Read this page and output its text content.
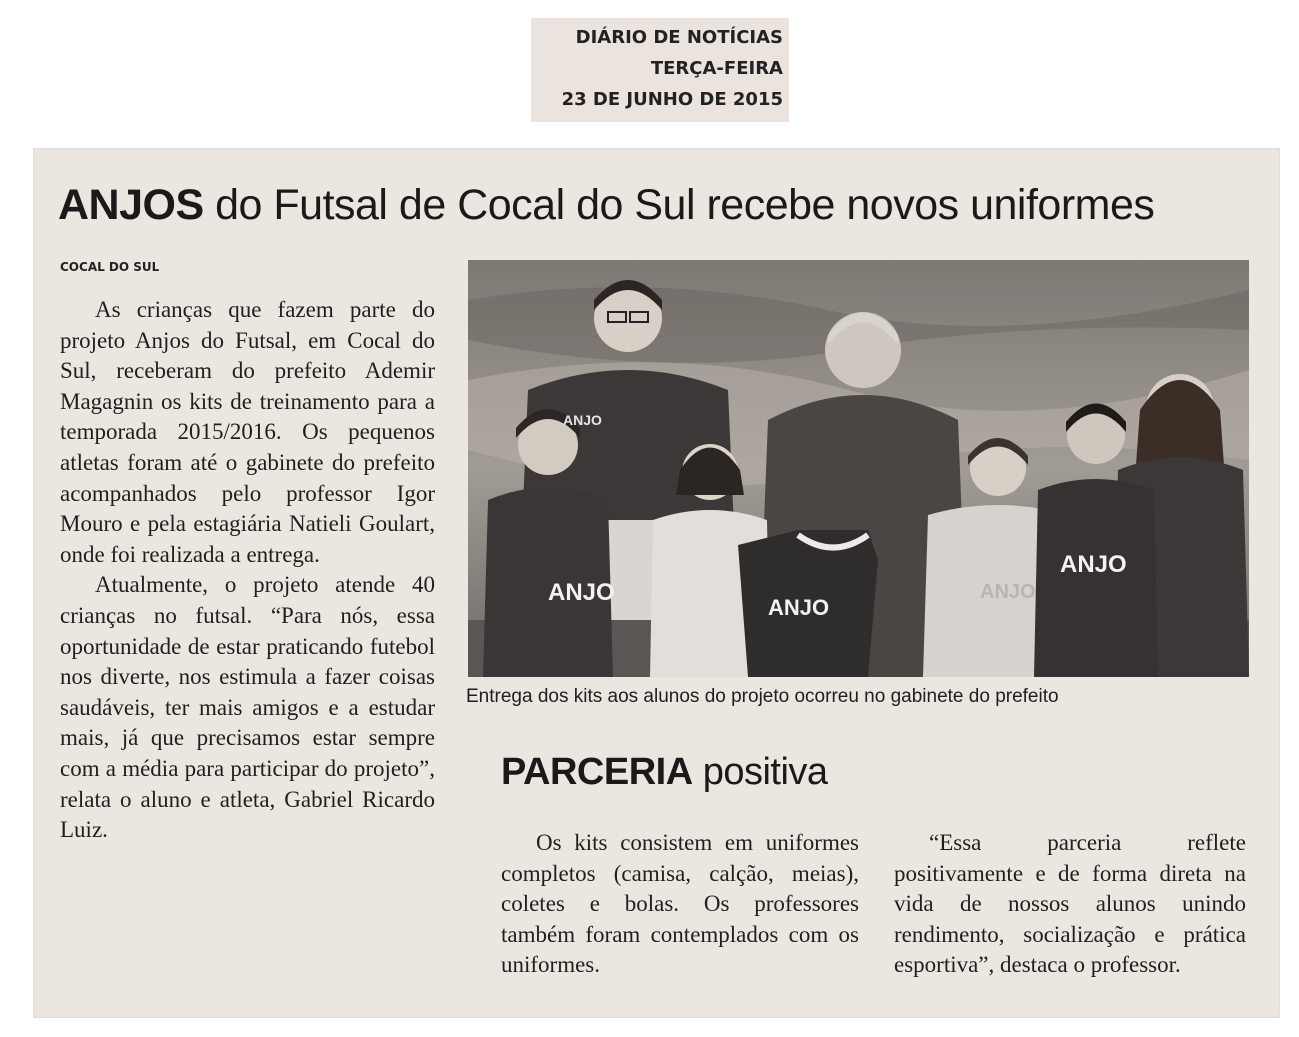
DIÁRIO DE NOTÍCIAS
TERÇA-FEIRA
23 DE JUNHO DE 2015
ANJOS do Futsal de Cocal do Sul recebe novos uniformes
COCAL DO SUL

As crianças que fazem parte do projeto Anjos do Futsal, em Cocal do Sul, receberam do prefeito Ademir Magagnin os kits de treinamento para a temporada 2015/2016. Os pequenos atletas foram até o gabinete do prefeito acompanhados pelo professor Igor Mouro e pela estagiária Natieli Goulart, onde foi realizada a entrega.

Atualmente, o projeto atende 40 crianças no futsal. “Para nós, essa oportunidade de estar praticando futebol nos diverte, nos estimula a fazer coisas saudáveis, ter mais amigos e a estudar mais, já que precisamos estar sempre com a média para participar do projeto”, relata o aluno e atleta, Gabriel Ricardo Luiz.

ANJO
ANJO
ANJO
ANJO
ANJO
Entrega dos kits aos alunos do projeto ocorreu no gabinete do prefeito
PARCERIA positiva

Os kits consistem em uniformes completos (camisa, calção, meias), coletes e bolas. Os professores também foram contemplados com os uniformes.

“Essa parceria reflete positivamente e de forma direta na vida de nossos alunos unindo rendimento, socialização e prática esportiva”, destaca o professor.
